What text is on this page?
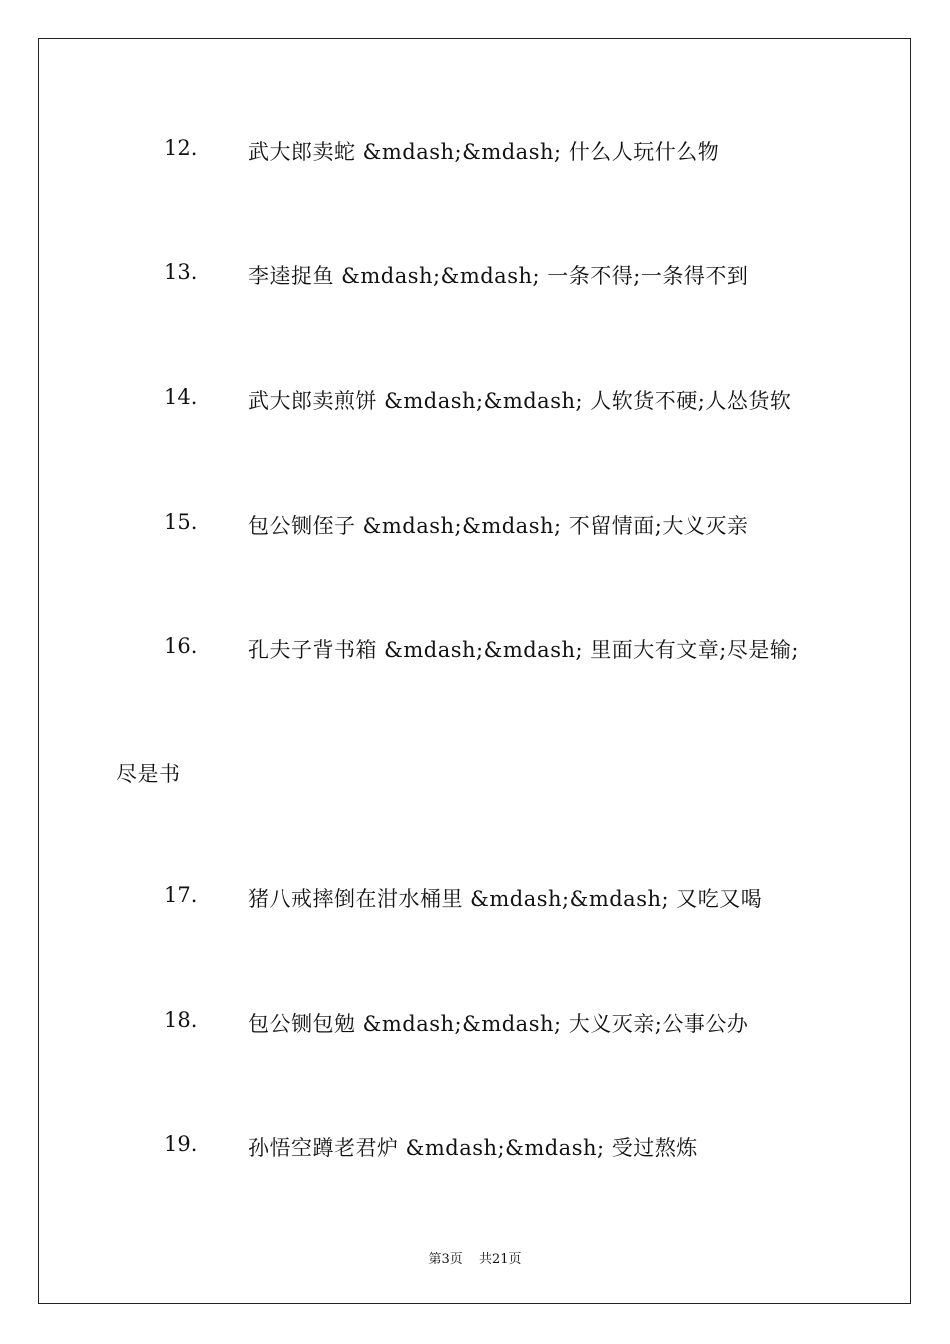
12. 武大郎卖蛇 &mdash;&mdash; 什么人玩什么物
13. 李逵捉鱼 &mdash;&mdash; 一条不得;一条得不到
14. 武大郎卖煎饼 &mdash;&mdash; 人软货不硬;人怂货软
15. 包公铡侄子 &mdash;&mdash; 不留情面;大义灭亲
16. 孔夫子背书箱 &mdash;&mdash; 里面大有文章;尽是输;
尽是书
17. 猪八戒摔倒在泔水桶里 &mdash;&mdash; 又吃又喝
18. 包公铡包勉 &mdash;&mdash; 大义灭亲;公事公办
19. 孙悟空蹲老君炉 &mdash;&mdash; 受过熬炼
第3页 共21页
